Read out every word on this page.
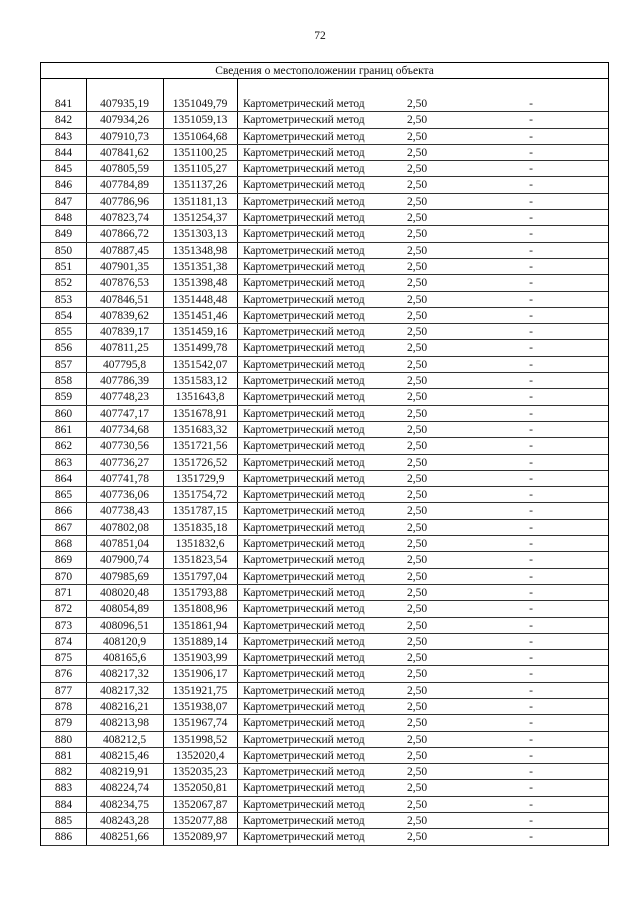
72
Сведения о местоположении границ объекта
841	407935,19	1351049,79	Картометрический метод	2,50	-
842	407934,26	1351059,13	Картометрический метод	2,50	-
843	407910,73	1351064,68	Картометрический метод	2,50	-
844	407841,62	1351100,25	Картометрический метод	2,50	-
845	407805,59	1351105,27	Картометрический метод	2,50	-
846	407784,89	1351137,26	Картометрический метод	2,50	-
847	407786,96	1351181,13	Картометрический метод	2,50	-
848	407823,74	1351254,37	Картометрический метод	2,50	-
849	407866,72	1351303,13	Картометрический метод	2,50	-
850	407887,45	1351348,98	Картометрический метод	2,50	-
851	407901,35	1351351,38	Картометрический метод	2,50	-
852	407876,53	1351398,48	Картометрический метод	2,50	-
853	407846,51	1351448,48	Картометрический метод	2,50	-
854	407839,62	1351451,46	Картометрический метод	2,50	-
855	407839,17	1351459,16	Картометрический метод	2,50	-
856	407811,25	1351499,78	Картометрический метод	2,50	-
857	407795,8	1351542,07	Картометрический метод	2,50	-
858	407786,39	1351583,12	Картометрический метод	2,50	-
859	407748,23	1351643,8	Картометрический метод	2,50	-
860	407747,17	1351678,91	Картометрический метод	2,50	-
861	407734,68	1351683,32	Картометрический метод	2,50	-
862	407730,56	1351721,56	Картометрический метод	2,50	-
863	407736,27	1351726,52	Картометрический метод	2,50	-
864	407741,78	1351729,9	Картометрический метод	2,50	-
865	407736,06	1351754,72	Картометрический метод	2,50	-
866	407738,43	1351787,15	Картометрический метод	2,50	-
867	407802,08	1351835,18	Картометрический метод	2,50	-
868	407851,04	1351832,6	Картометрический метод	2,50	-
869	407900,74	1351823,54	Картометрический метод	2,50	-
870	407985,69	1351797,04	Картометрический метод	2,50	-
871	408020,48	1351793,88	Картометрический метод	2,50	-
872	408054,89	1351808,96	Картометрический метод	2,50	-
873	408096,51	1351861,94	Картометрический метод	2,50	-
874	408120,9	1351889,14	Картометрический метод	2,50	-
875	408165,6	1351903,99	Картометрический метод	2,50	-
876	408217,32	1351906,17	Картометрический метод	2,50	-
877	408217,32	1351921,75	Картометрический метод	2,50	-
878	408216,21	1351938,07	Картометрический метод	2,50	-
879	408213,98	1351967,74	Картометрический метод	2,50	-
880	408212,5	1351998,52	Картометрический метод	2,50	-
881	408215,46	1352020,4	Картометрический метод	2,50	-
882	408219,91	1352035,23	Картометрический метод	2,50	-
883	408224,74	1352050,81	Картометрический метод	2,50	-
884	408234,75	1352067,87	Картометрический метод	2,50	-
885	408243,28	1352077,88	Картометрический метод	2,50	-
886	408251,66	1352089,97	Картометрический метод	2,50	-
